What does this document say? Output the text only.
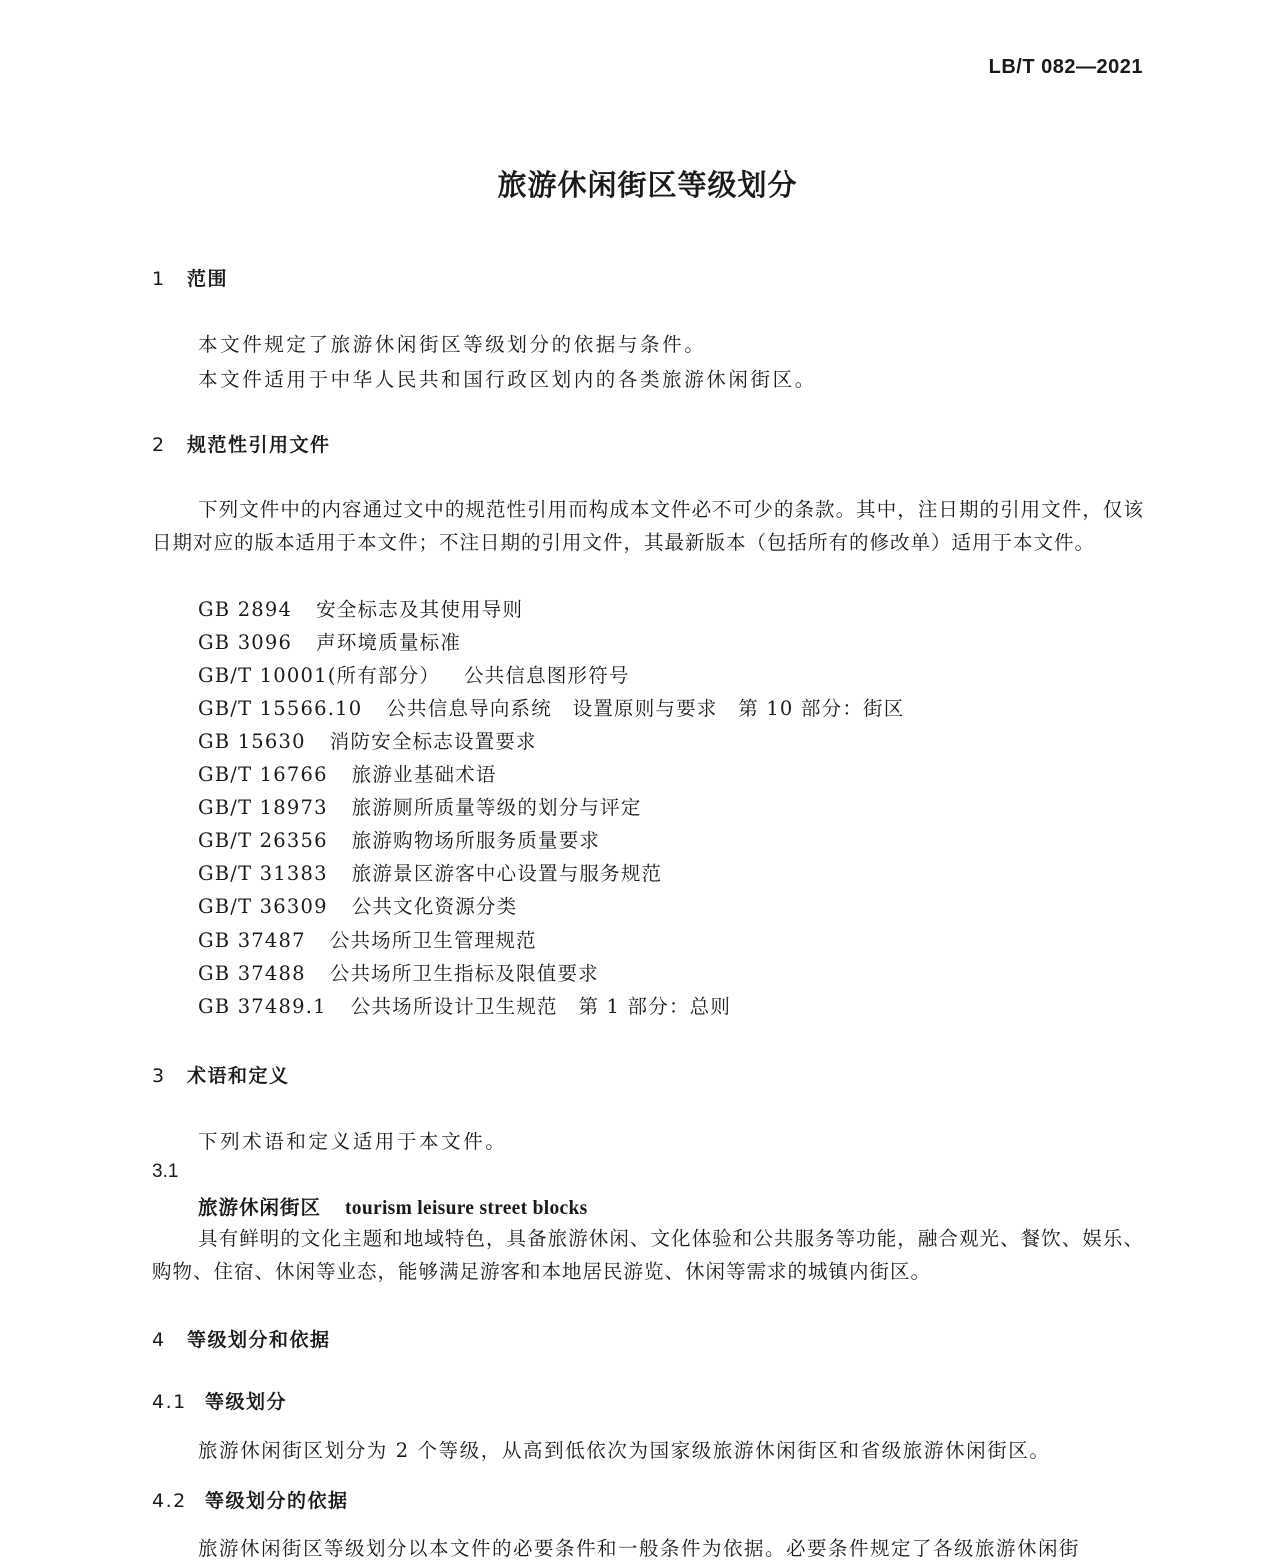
LB/T 082—2021
旅游休闲街区等级划分
1 范围
本文件规定了旅游休闲街区等级划分的依据与条件。
本文件适用于中华人民共和国行政区划内的各类旅游休闲街区。
2 规范性引用文件
下列文件中的内容通过文中的规范性引用而构成本文件必不可少的条款。其中，注日期的引用文件，仅该日期对应的版本适用于本文件；不注日期的引用文件，其最新版本（包括所有的修改单）适用于本文件。
GB 2894 安全标志及其使用导则
GB 3096 声环境质量标准
GB/T 10001(所有部分） 公共信息图形符号
GB/T 15566.10 公共信息导向系统　设置原则与要求　第 10 部分：街区
GB 15630 消防安全标志设置要求
GB/T 16766 旅游业基础术语
GB/T 18973 旅游厕所质量等级的划分与评定
GB/T 26356 旅游购物场所服务质量要求
GB/T 31383 旅游景区游客中心设置与服务规范
GB/T 36309 公共文化资源分类
GB 37487 公共场所卫生管理规范
GB 37488 公共场所卫生指标及限值要求
GB 37489.1 公共场所设计卫生规范　第 1 部分：总则
3 术语和定义
下列术语和定义适用于本文件。
3.1
旅游休闲街区 tourism leisure street blocks
具有鲜明的文化主题和地域特色，具备旅游休闲、文化体验和公共服务等功能，融合观光、餐饮、娱乐、购物、住宿、休闲等业态，能够满足游客和本地居民游览、休闲等需求的城镇内街区。
4 等级划分和依据
4.1 等级划分
旅游休闲街区划分为 2 个等级，从高到低依次为国家级旅游休闲街区和省级旅游休闲街区。
4.2 等级划分的依据
旅游休闲街区等级划分以本文件的必要条件和一般条件为依据。必要条件规定了各级旅游休闲街
